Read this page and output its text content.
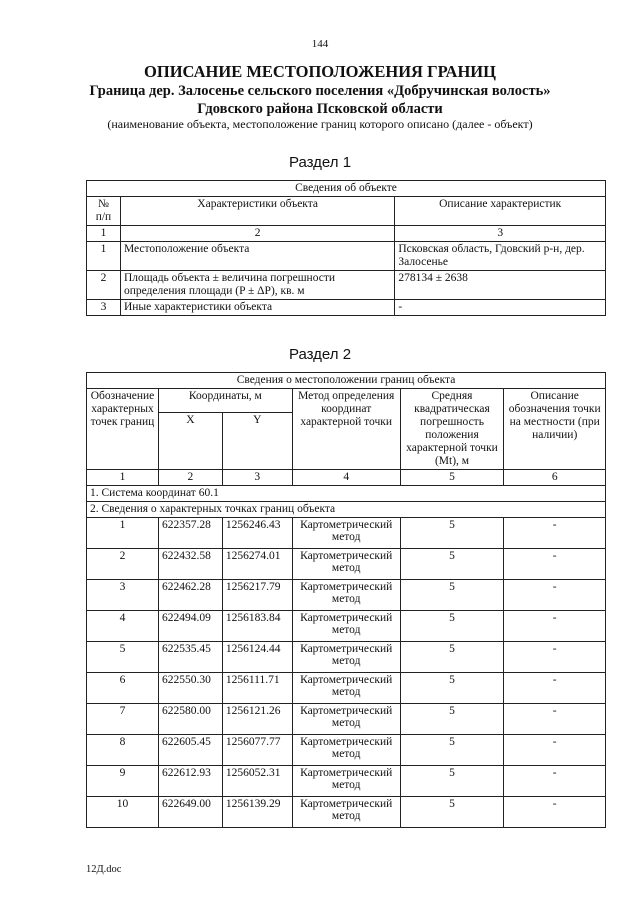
144
ОПИСАНИЕ МЕСТОПОЛОЖЕНИЯ ГРАНИЦ
Граница дер. Залосенье сельского поселения «Добручинская волость»
Гдовского района Псковской области
(наименование объекта, местоположение границ которого описано (далее - объект)
Раздел 1
Сведения об объекте		
№
п/п	Характеристики объекта	Описание характеристик
1	2	3
1	Местоположение объекта	Псковская область, Гдовский р-н, дер. Залосенье
2	Площадь объекта ± величина погрешности определения площади (P ± ΔP), кв. м	278134 ± 2638
3	Иные характеристики объекта	-
Раздел 2
Сведения о местоположении границ объекта					
Обозначение характерных точек границ	Координаты, м		Метод определения координат характерной точки	Средняя квадратическая погрешность положения характерной точки (Mt), м	Описание обозначения точки на местности (при наличии)
	X	Y			
1	2	3	4	5	6
1. Система координат 60.1					
2. Сведения о характерных точках границ объекта					
1	622357.28	1256246.43	Картометрический метод	5	-
2	622432.58	1256274.01	Картометрический метод	5	-
3	622462.28	1256217.79	Картометрический метод	5	-
4	622494.09	1256183.84	Картометрический метод	5	-
5	622535.45	1256124.44	Картометрический метод	5	-
6	622550.30	1256111.71	Картометрический метод	5	-
7	622580.00	1256121.26	Картометрический метод	5	-
8	622605.45	1256077.77	Картометрический метод	5	-
9	622612.93	1256052.31	Картометрический метод	5	-
10	622649.00	1256139.29	Картометрический метод	5	-
12Д.doc
